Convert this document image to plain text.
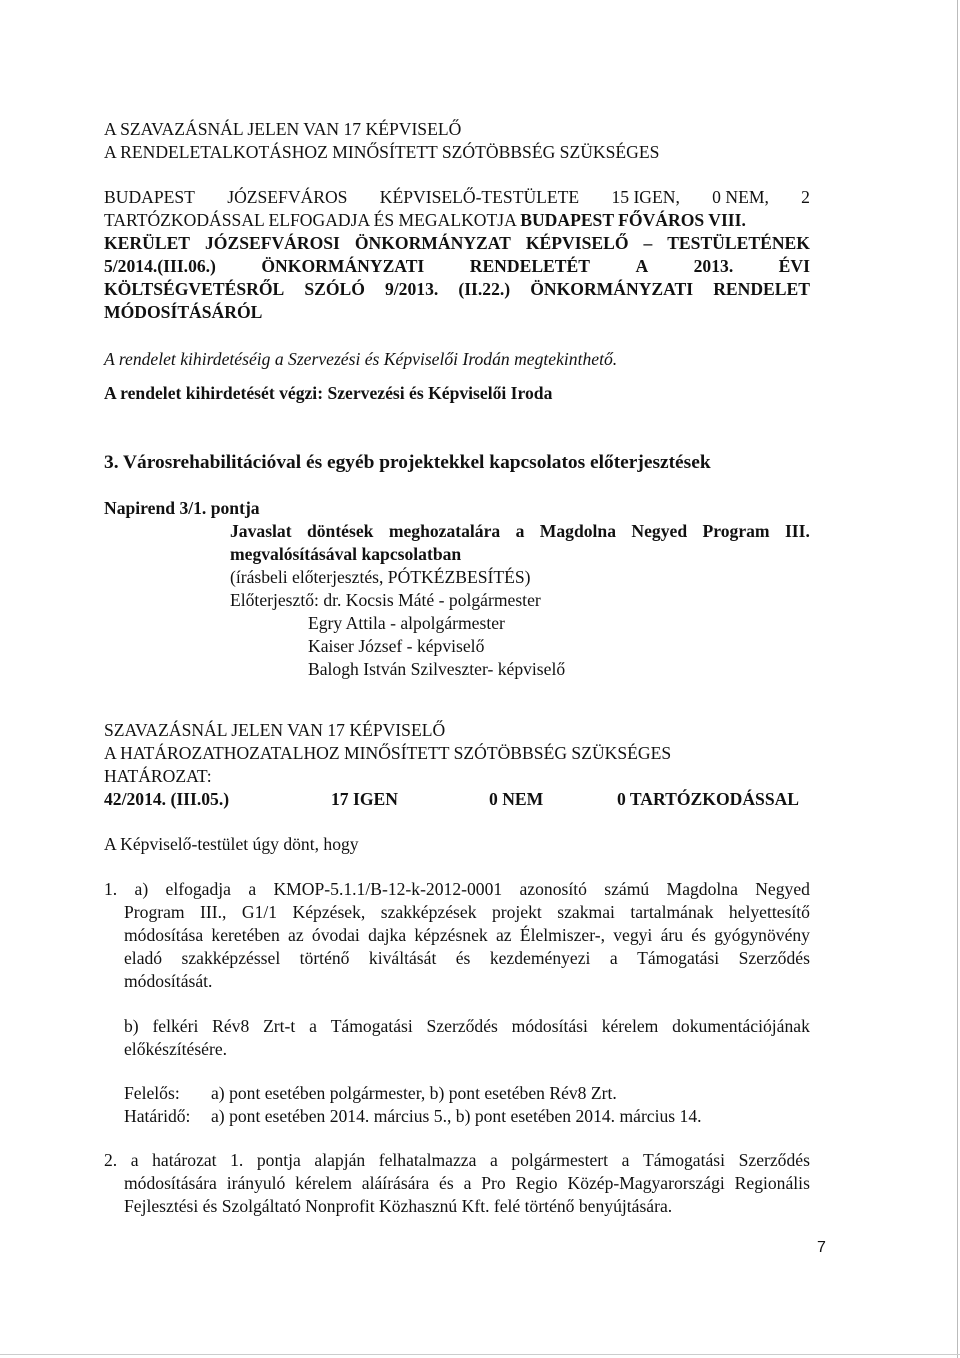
A SZAVAZÁSNÁL JELEN VAN 17 KÉPVISELŐ
A RENDELETALKOTÁSHOZ MINŐSÍTETT SZÓTÖBBSÉG SZÜKSÉGES
BUDAPEST JÓZSEFVÁROS KÉPVISELŐ-TESTÜLETE 15 IGEN, 0 NEM, 2
TARTÓZKODÁSSAL ELFOGADJA ÉS MEGALKOTJA BUDAPEST FŐVÁROS VIII.
KERÜLET JÓZSEFVÁROSI ÖNKORMÁNYZAT KÉPVISELŐ – TESTÜLETÉNEK
5/2014.(III.06.)	ÖNKORMÁNYZATI	RENDELETÉT	A	2013.	ÉVI
KÖLTSÉGVETÉSRŐL SZÓLÓ 9/2013. (II.22.) ÖNKORMÁNYZATI RENDELET
MÓDOSÍTÁSÁRÓL
A rendelet kihirdetéséig a Szervezési és Képviselői Irodán megtekinthető.
A rendelet kihirdetését végzi: Szervezési és Képviselői Iroda
3. Városrehabilitációval és egyéb projektekkel kapcsolatos előterjesztések
Napirend 3/1. pontja
Javaslat döntések meghozatalára a Magdolna Negyed Program III.
megvalósításával kapcsolatban
(írásbeli előterjesztés, PÓTKÉZBESÍTÉS)
Előterjesztő: dr. Kocsis Máté - polgármester
Egry Attila - alpolgármester
Kaiser József - képviselő
Balogh István Szilveszter- képviselő
SZAVAZÁSNÁL JELEN VAN 17 KÉPVISELŐ
A HATÁROZATHOZATALHOZ MINŐSÍTETT SZÓTÖBBSÉG SZÜKSÉGES
HATÁROZAT:
42/2014. (III.05.)	17 IGEN	0 NEM	0 TARTÓZKODÁSSAL
A Képviselő-testület úgy dönt, hogy
1. a) elfogadja a KMOP-5.1.1/B-12-k-2012-0001 azonosító számú Magdolna Negyed
Program III., G1/1 Képzések, szakképzések projekt szakmai tartalmának helyettesítő
módosítása keretében az óvodai dajka képzésnek az Élelmiszer-, vegyi áru és gyógynövény
eladó szakképzéssel történő kiváltását és kezdeményezi a Támogatási Szerződés
módosítását.
b) felkéri Rév8 Zrt-t a Támogatási Szerződés módosítási kérelem dokumentációjának
előkészítésére.
Felelős: a) pont esetében polgármester, b) pont esetében Rév8 Zrt.
Határidő: a) pont esetében 2014. március 5., b) pont esetében 2014. március 14.
2. a határozat 1. pontja alapján felhatalmazza a polgármestert a Támogatási Szerződés
módosítására irányuló kérelem aláírására és a Pro Regio Közép-Magyarországi Regionális
Fejlesztési és Szolgáltató Nonprofit Közhasznú Kft. felé történő benyújtására.
7
